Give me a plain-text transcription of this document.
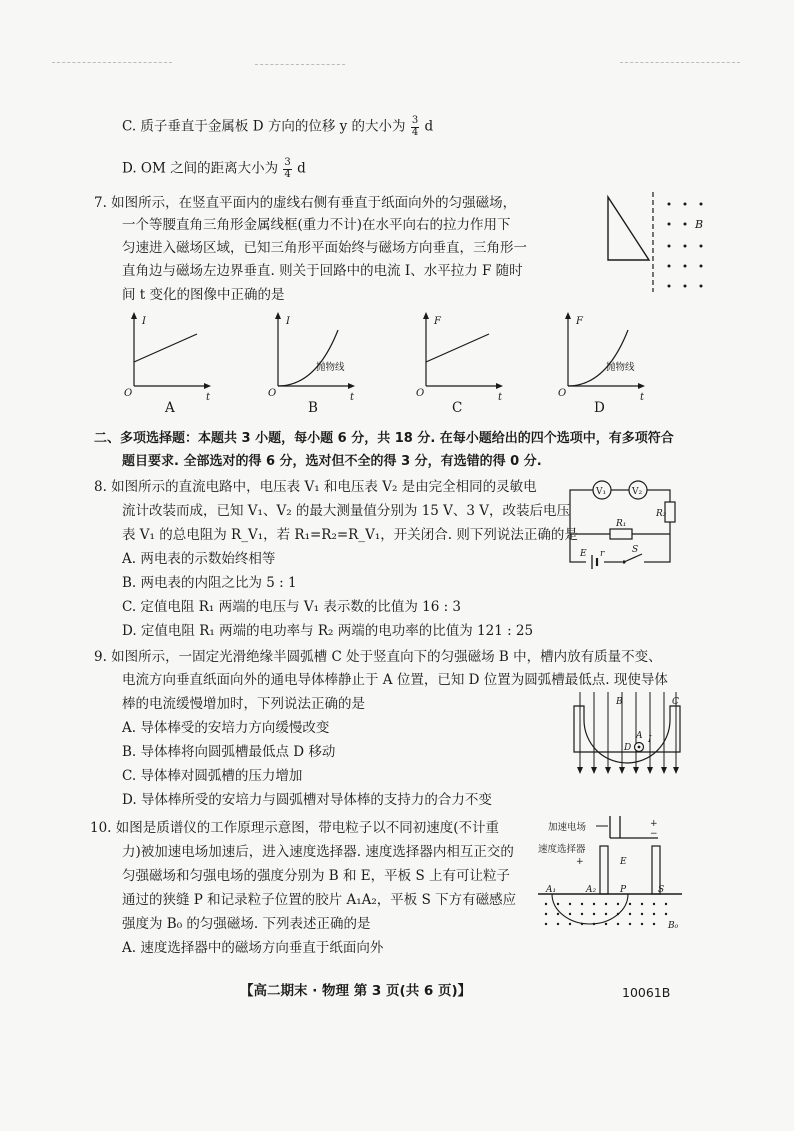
C. 质子垂直于金属板 D 方向的位移 y 的大小为 $\frac{3}{4}$ d
D. OM 之间的距离大小为 $\frac{3}{4}$ d
7. 如图所示，在竖直平面内的虚线右侧有垂直于纸面向外的匀强磁场，
一个等腰直角三角形金属线框(重力不计)在水平向右的拉力作用下
匀速进入磁场区域，已知三角形平面始终与磁场方向垂直，三角形一
直角边与磁场左边界垂直. 则关于回路中的电流 I、水平拉力 F 随时
间 t 变化的图像中正确的是
B
I
t
O
A
I
t
O
抛物线
B
F
t
O
C
F
t
O
抛物线
D
二、多项选择题：本题共 3 小题，每小题 6 分，共 18 分. 在每小题给出的四个选项中，有多项符合
题目要求. 全部选对的得 6 分，选对但不全的得 3 分，有选错的得 0 分.
8. 如图所示的直流电路中，电压表 V₁ 和电压表 V₂ 是由完全相同的灵敏电
流计改装而成，已知 V₁、V₂ 的最大测量值分别为 15 V、3 V，改装后电压
表 V₁ 的总电阻为 R_V₁，若 R₁=R₂=R_V₁，开关闭合. 则下列说法正确的是
A. 两电表的示数始终相等
B. 两电表的内阻之比为 5 : 1
C. 定值电阻 R₁ 两端的电压与 V₁ 表示数的比值为 16 : 3
D. 定值电阻 R₁ 两端的电功率与 R₂ 两端的电功率的比值为 121 : 25
V₁	V₂
R₂
R₁
E r	S
9. 如图所示，一固定光滑绝缘半圆弧槽 C 处于竖直向下的匀强磁场 B 中，槽内放有质量不变、
电流方向垂直纸面向外的通电导体棒静止于 A 位置，已知 D 位置为圆弧槽最低点. 现使导体
棒的电流缓慢增加时，下列说法正确的是
A. 导体棒受的安培力方向缓慢改变
B. 导体棒将向圆弧槽最低点 D 移动
C. 导体棒对圆弧槽的压力增加
D. 导体棒所受的安培力与圆弧槽对导体棒的支持力的合力不变
B	C
D
A I
10. 如图是质谱仪的工作原理示意图，带电粒子以不同初速度(不计重
力)被加速电场加速后，进入速度选择器. 速度选择器内相互正交的
匀强磁场和匀强电场的强度分别为 B 和 E，平板 S 上有可让粒子
通过的狭缝 P 和记录粒子位置的胶片 A₁A₂，平板 S 下方有磁感应
强度为 B₀ 的匀强磁场. 下列表述正确的是
A. 速度选择器中的磁场方向垂直于纸面向外
加速电场	+
−
速度选择器
+	E
A₁	A₂	P	S
B₀
【高二期末 · 物理 第 3 页(共 6 页)】	10061B
